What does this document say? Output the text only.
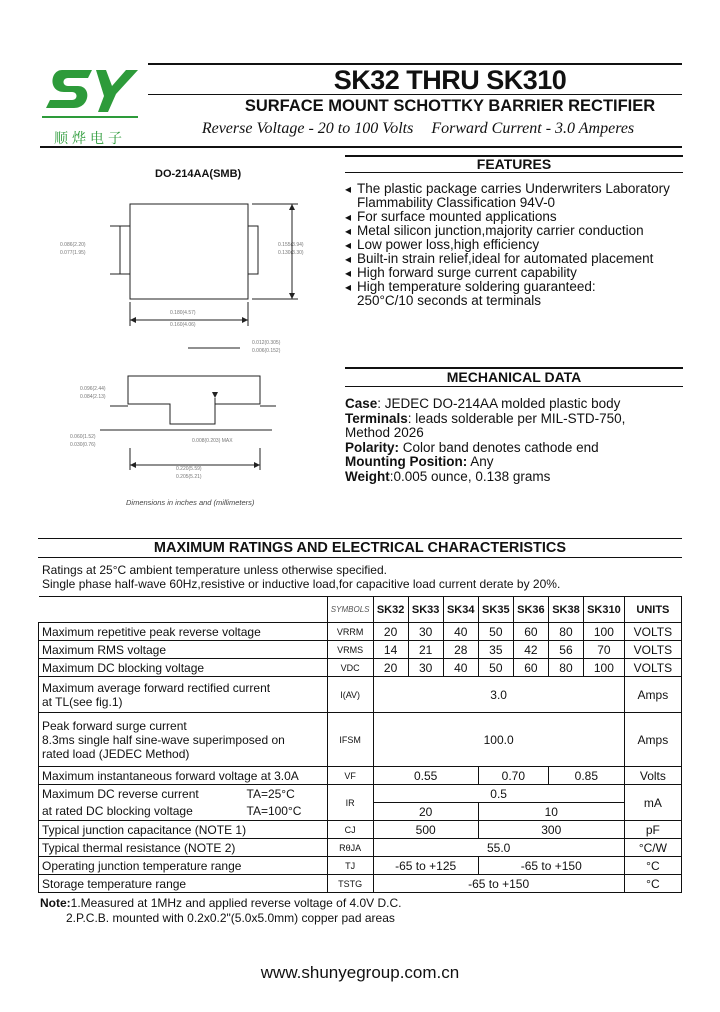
顺烨电子
SK32 THRU SK310
SURFACE MOUNT SCHOTTKY BARRIER RECTIFIER
Reverse Voltage - 20 to 100 Volts Forward Current - 3.0 Amperes
DO-214AA(SMB)
0.086(2.20)
0.077(1.95)
0.155(3.94)
0.130(3.30)
0.180(4.57)
0.160(4.06)
0.012(0.305)
0.006(0.152)
0.096(2.44)
0.084(2.13)
0.060(1.52)
0.030(0.76)
0.008(0.203) MAX
0.220(5.59)
0.205(5.21)
Dimensions in inches and (millimeters)
FEATURES
◂ The plastic package carries Underwriters Laboratory
Flammability Classification 94V-0
◂ For surface mounted applications
◂ Metal silicon junction,majority carrier conduction
◂ Low power loss,high efficiency
◂ Built-in strain relief,ideal for automated placement
◂ High forward surge current capability
◂ High temperature soldering guaranteed:
250°C/10 seconds at terminals
MECHANICAL DATA
Case: JEDEC DO-214AA molded plastic body
Terminals: leads solderable per MIL-STD-750,
Method 2026
Polarity: Color band denotes cathode end
Mounting Position: Any
Weight:0.005 ounce, 0.138 grams
MAXIMUM RATINGS AND ELECTRICAL CHARACTERISTICS
Ratings at 25°C ambient temperature unless otherwise specified.
Single phase half-wave 60Hz,resistive or inductive load,for capacitive load current derate by 20%.
	SYMBOLS	SK32	SK33	SK34	SK35	SK36	SK38	SK310	UNITS
Maximum repetitive peak reverse voltage	VRRM	20	30	40	50	60	80	100	VOLTS
Maximum RMS voltage	VRMS	14	21	28	35	42	56	70	VOLTS
Maximum DC blocking voltage	VDC	20	30	40	50	60	80	100	VOLTS

Maximum average forward rectified current
at TL(see fig.1)	I(AV)	3.0							Amps

Peak forward surge current
8.3ms single half sine-wave superimposed on
rated load (JEDEC Method)	IFSM	100.0							Amps
Maximum instantaneous forward voltage at 3.0A	VF	0.55			0.70		0.85		Volts
Maximum DC reverse current TA=25°C	IR	0.5							mA
at rated DC blocking voltage TA=100°C		20			10				
Typical junction capacitance (NOTE 1)	CJ	500			300				pF
Typical thermal resistance (NOTE 2)	RθJA	55.0							°C/W
Operating junction temperature range	TJ	-65 to +125			-65 to +150				°C
Storage temperature range	TSTG	-65 to +150							°C
Note:1.Measured at 1MHz and applied reverse voltage of 4.0V D.C.
2.P.C.B. mounted with 0.2x0.2"(5.0x5.0mm) copper pad areas
www.shunyegroup.com.cn
